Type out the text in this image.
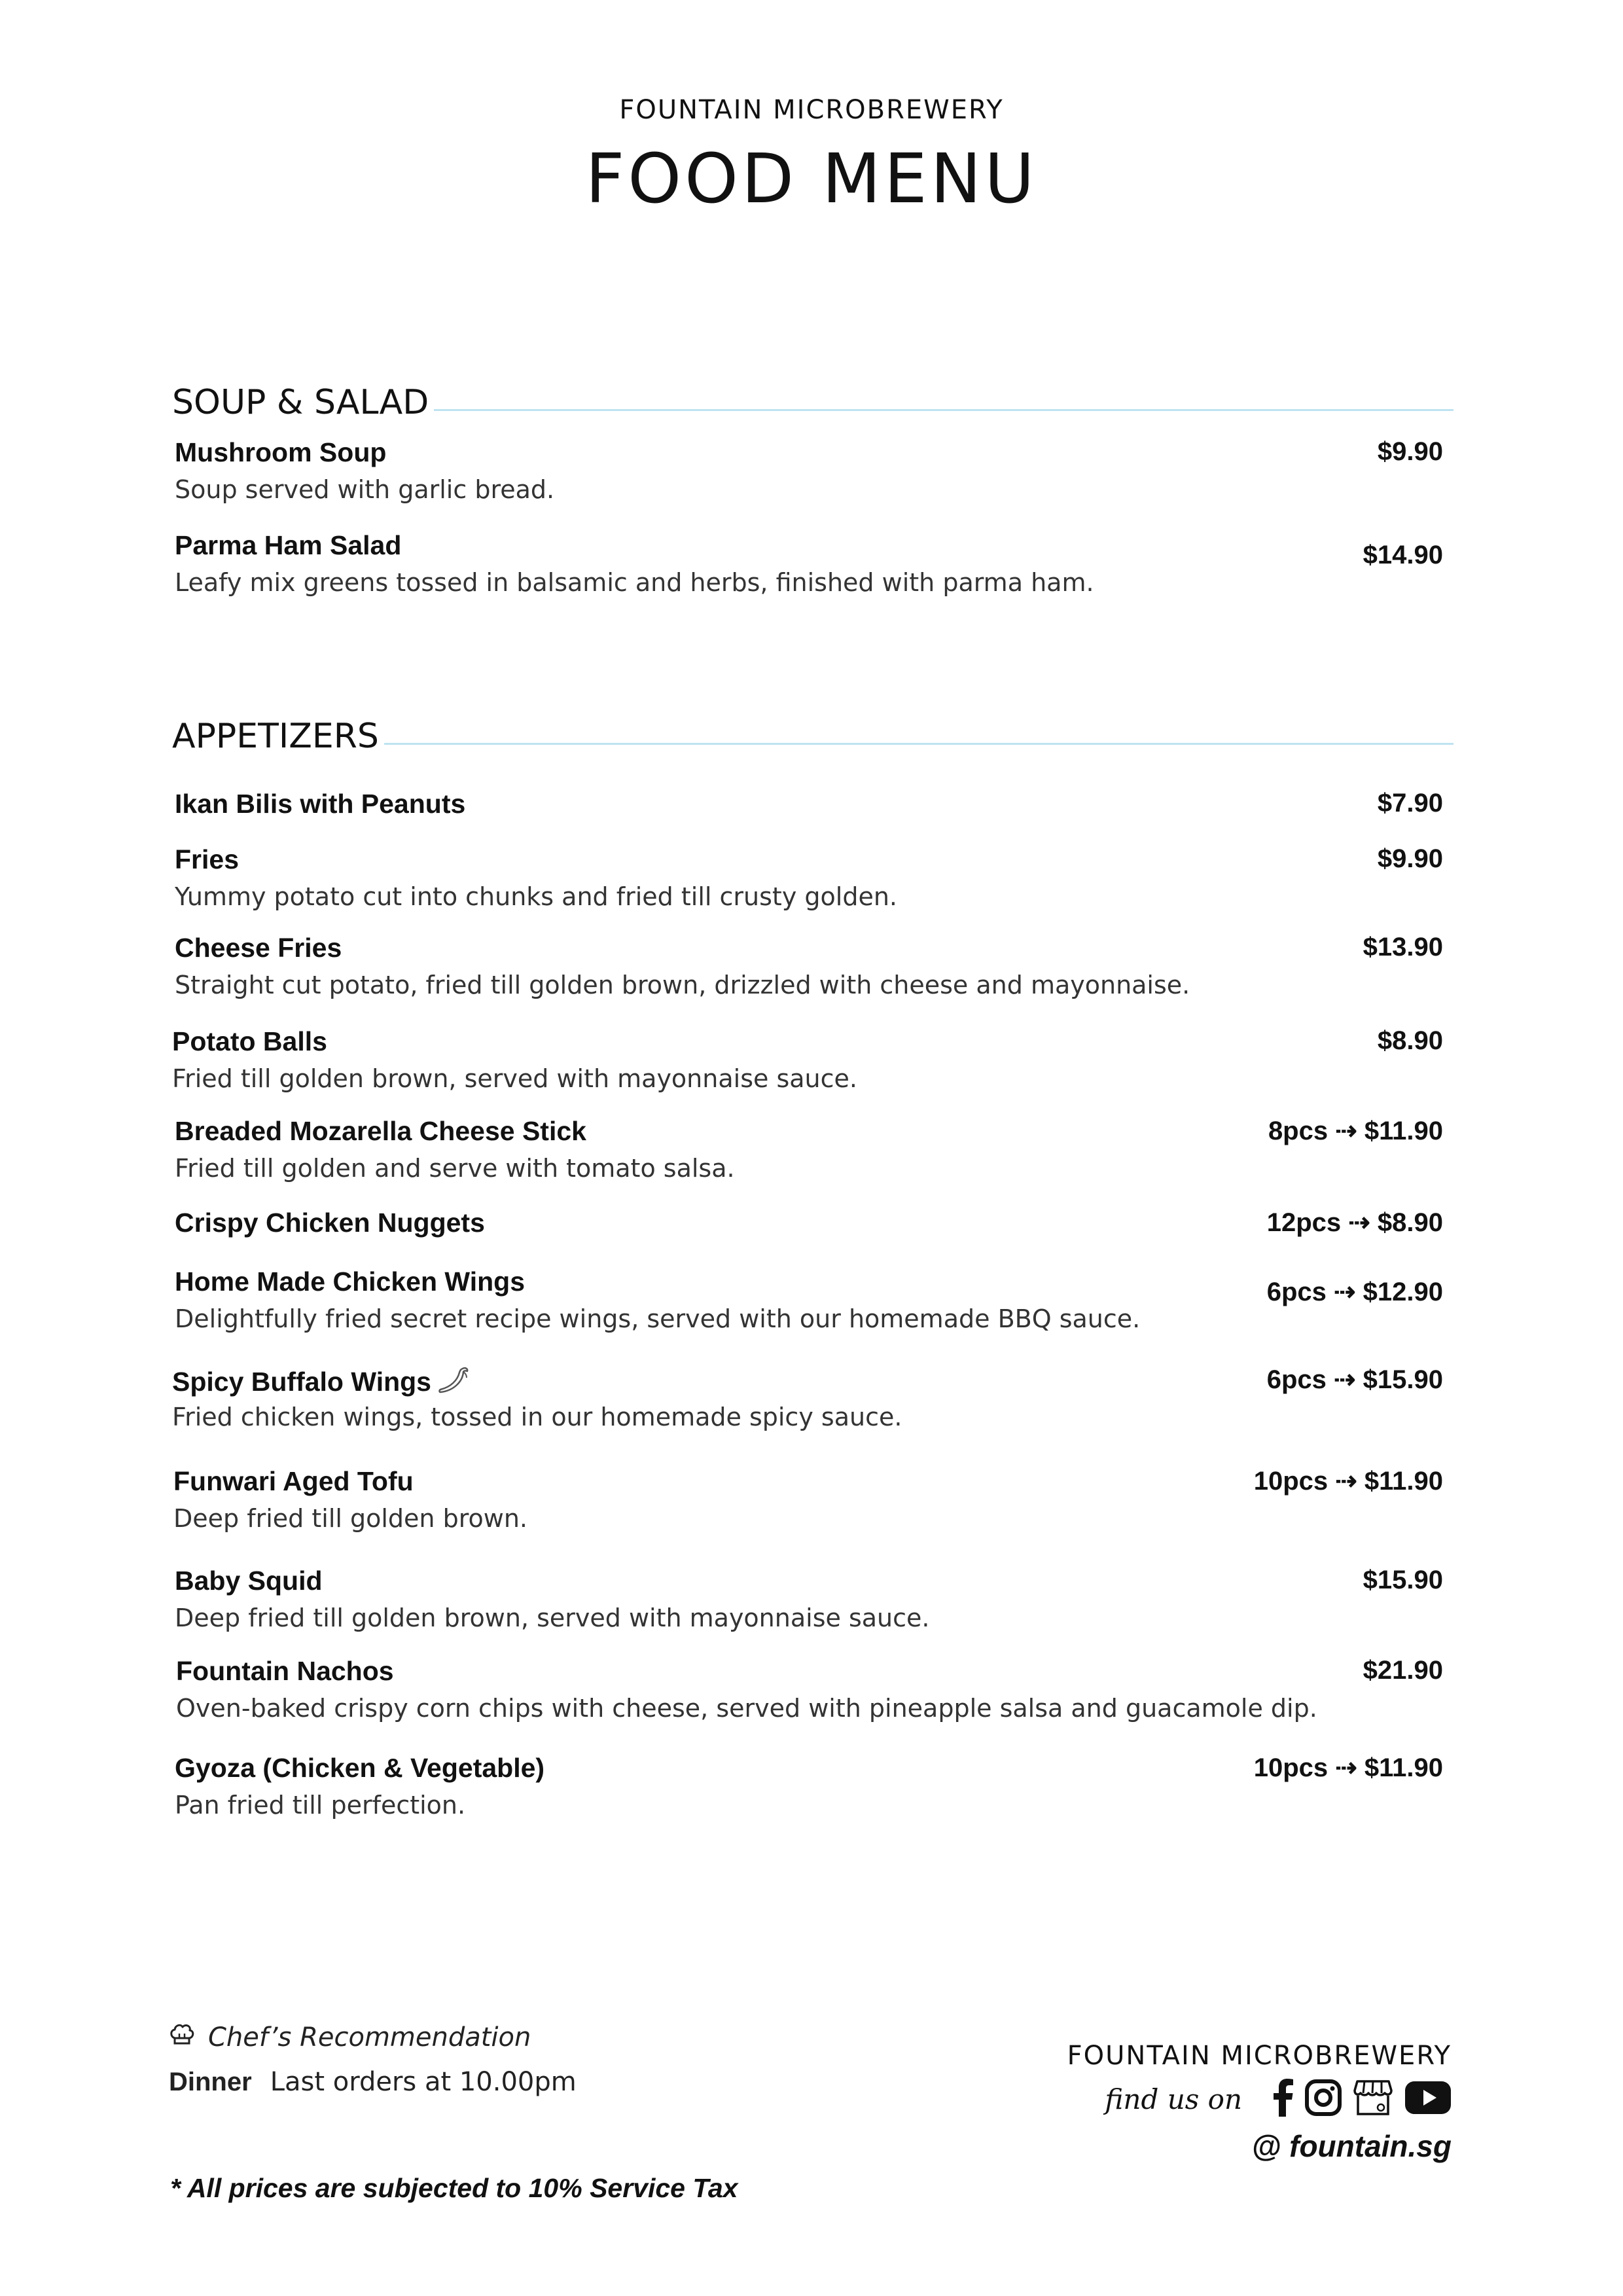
FOUNTAIN MICROBREWERY
FOOD MENU
SOUP & SALAD
Mushroom Soup	$9.90
Soup served with garlic bread.
Parma Ham Salad	$14.90
Leafy mix greens tossed in balsamic and herbs, finished with parma ham.
APPETIZERS
Ikan Bilis with Peanuts	$7.90
Fries	$9.90
Yummy potato cut into chunks and fried till crusty golden.
Cheese Fries	$13.90
Straight cut potato, fried till golden brown, drizzled with cheese and mayonnaise.
Potato Balls	$8.90
Fried till golden brown, served with mayonnaise sauce.
Breaded Mozarella Cheese Stick	8pcs ⇢ $11.90
Fried till golden and serve with tomato salsa.
Crispy Chicken Nuggets	12pcs ⇢ $8.90
Home Made Chicken Wings	6pcs ⇢ $12.90
Delightfully fried secret recipe wings, served with our homemade BBQ sauce.
Spicy Buffalo Wings	6pcs ⇢ $15.90
Fried chicken wings, tossed in our homemade spicy sauce.
Funwari Aged Tofu	10pcs ⇢ $11.90
Deep fried till golden brown.
Baby Squid	$15.90
Deep fried till golden brown, served with mayonnaise sauce.
Fountain Nachos	$21.90
Oven-baked crispy corn chips with cheese, served with pineapple salsa and guacamole dip.
Gyoza (Chicken & Vegetable)	10pcs ⇢ $11.90
Pan fried till perfection.
Chef’s Recommendation
Dinner Last orders at 10.00pm
* All prices are subjected to 10% Service Tax
FOUNTAIN MICROBREWERY
find us on
@ fountain.sg
